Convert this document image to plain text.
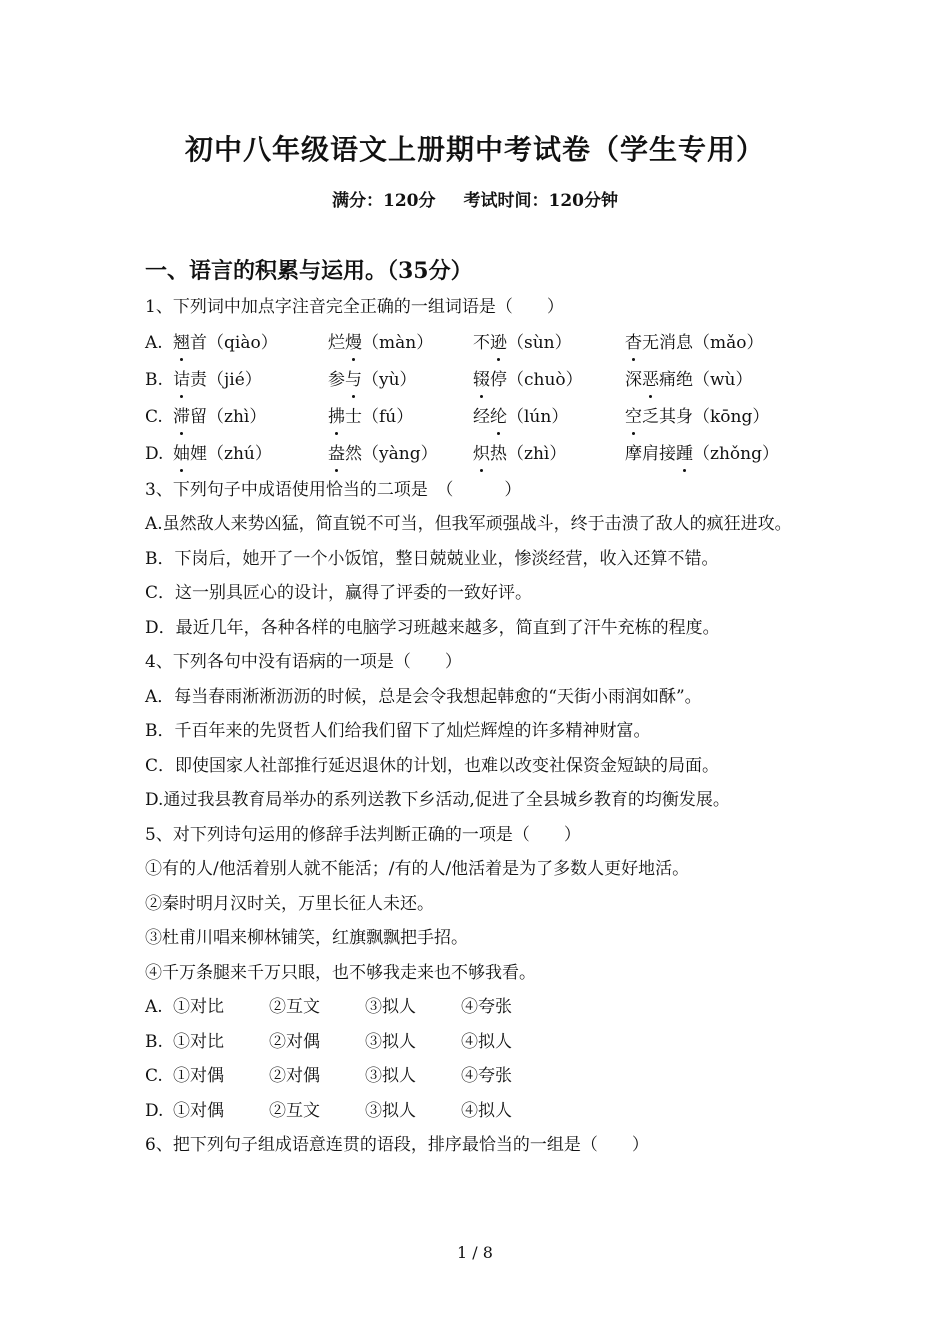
初中八年级语文上册期中考试卷（学生专用）
满分：120分 考试时间：120分钟
一、语言的积累与运用。（35分）
1、下列词中加点字注音完全正确的一组词语是（　　）
A. 翘首（qiào）	烂熳（màn）	不逊（sùn）	杳无消息（mǎo）
B. 诘责（jié）	参与（yù）	辍停（chuò）	深恶痛绝（wù）
C. 滞留（zhì）	拂士（fú）	经纶（lún）	空乏其身（kōng）
D. 妯娌（zhú）	盎然（yàng）	炽热（zhì）	摩肩接踵（zhǒng）
3、下列句子中成语使用恰当的二项是　（　　　）
A.虽然敌人来势凶猛，简直锐不可当，但我军顽强战斗，终于击溃了敌人的疯狂进攻。
B．下岗后，她开了一个小饭馆，整日兢兢业业，惨淡经营，收入还算不错。
C．这一别具匠心的设计，赢得了评委的一致好评。
D．最近几年，各种各样的电脑学习班越来越多，简直到了汗牛充栋的程度。
4、下列各句中没有语病的一项是（　　）
A．每当春雨淅淅沥沥的时候，总是会令我想起韩愈的“天街小雨润如酥”。
B．千百年来的先贤哲人们给我们留下了灿烂辉煌的许多精神财富。
C．即使国家人社部推行延迟退休的计划，也难以改变社保资金短缺的局面。
D.通过我县教育局举办的系列送教下乡活动,促进了全县城乡教育的均衡发展。
5、对下列诗句运用的修辞手法判断正确的一项是（　　）
①有的人/他活着别人就不能活；/有的人/他活着是为了多数人更好地活。
②秦时明月汉时关，万里长征人未还。
③杜甫川唱来柳林铺笑，红旗飘飘把手招。
④千万条腿来千万只眼，也不够我走来也不够我看。
A. ①对比	②互文	③拟人	④夸张
B. ①对比	②对偶	③拟人	④拟人
C. ①对偶	②对偶	③拟人	④夸张
D. ①对偶	②互文	③拟人	④拟人
6、把下列句子组成语意连贯的语段，排序最恰当的一组是（　　）
1 / 8
